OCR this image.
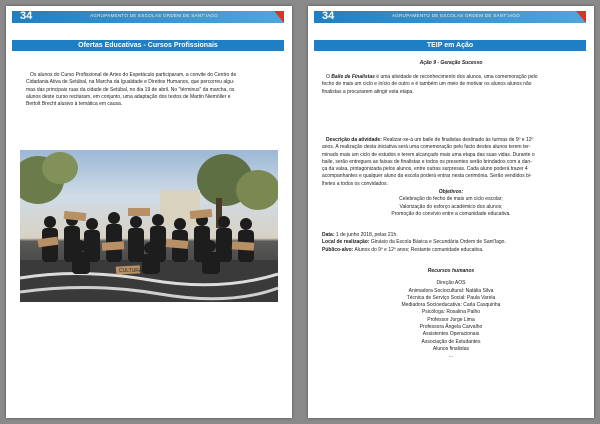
34	AGRUPAMENTO DE ESCOLAS ORDEM DE SANT'IAGO
Ofertas Educativas - Cursos Profissionais
Os alunos do Curso Profissional de Artes do Espetáculo participaram, a convite do Centro de
Cidadania Ativa de Setúbal, na Marcha da Igualdade e Direitos Humanos, que percorreu algu-
mas das principais ruas da cidade de Setúbal, no dia 19 de abril. No "términus" da marcha, os
alunos deste curso recitaram, em conjunto, uma adaptação dos textos de Martin Niemöller e
Bertolt Brecht alusivo à temática em causa.
CULTURA
34	AGRUPAMENTO DE ESCOLAS ORDEM DE SANT'IAGO
TEIP em Ação
Ação 9 - Geração Sucesso
O Baile de Finalistas é uma atividade de reconhecimento dos alunos, uma comemoração pelo
fecho de mais um ciclo e início de outro e é também um meio de motivar os alunos alunos não
finalistas a procurarem atingir esta etapa.
Descrição da atividade: Realizar-se-á um baile de finalistas destinado às turmas de 9º e 12º
anos. A realização desta iniciativa será uma comemoração pelo facto destes alunos terem ter-
minado mais um ciclo de estudos e terem alcançado mais uma etapa das suas vidas. Durante o
baile, serão entregues as faixas de finalistas e todos os presentes serão brindados com a dan-
ça da valsa, protagonizada pelos alunos, entre outras surpresas. Cada aluno poderá trazer 4
acompanhantes e qualquer aluno da escola poderá entrar nesta cerimónia. Serão vendidos bi-
lhetes a todos os convidados.
Objetivos:
Celebração do fecho de mais um ciclo escolar;
Valorização do esforço académico dos alunos;
Promoção do convívio entre a comunidade educativa.
Data: 1 de junho 2018, pelas 21h.
Local de realização: Ginásio da Escola Básica e Secundária Ordem de Sant'Iago.
Público-alvo: Alunos do 9º e 12º anos; Restante comunidade educativa.
Recursos humanos
Direção AOS
Animadora Sociocultural: Natália Silva
Técnica de Serviço Social: Paula Varela
Mediadora Socioeducativa: Carla Casquinha
Psicóloga: Rosalina Palho
Professor Jorge Lima
Professora Ângela Carvalho
Assistentes Operacionais
Associação de Estudantes
Alunos finalistas
...
